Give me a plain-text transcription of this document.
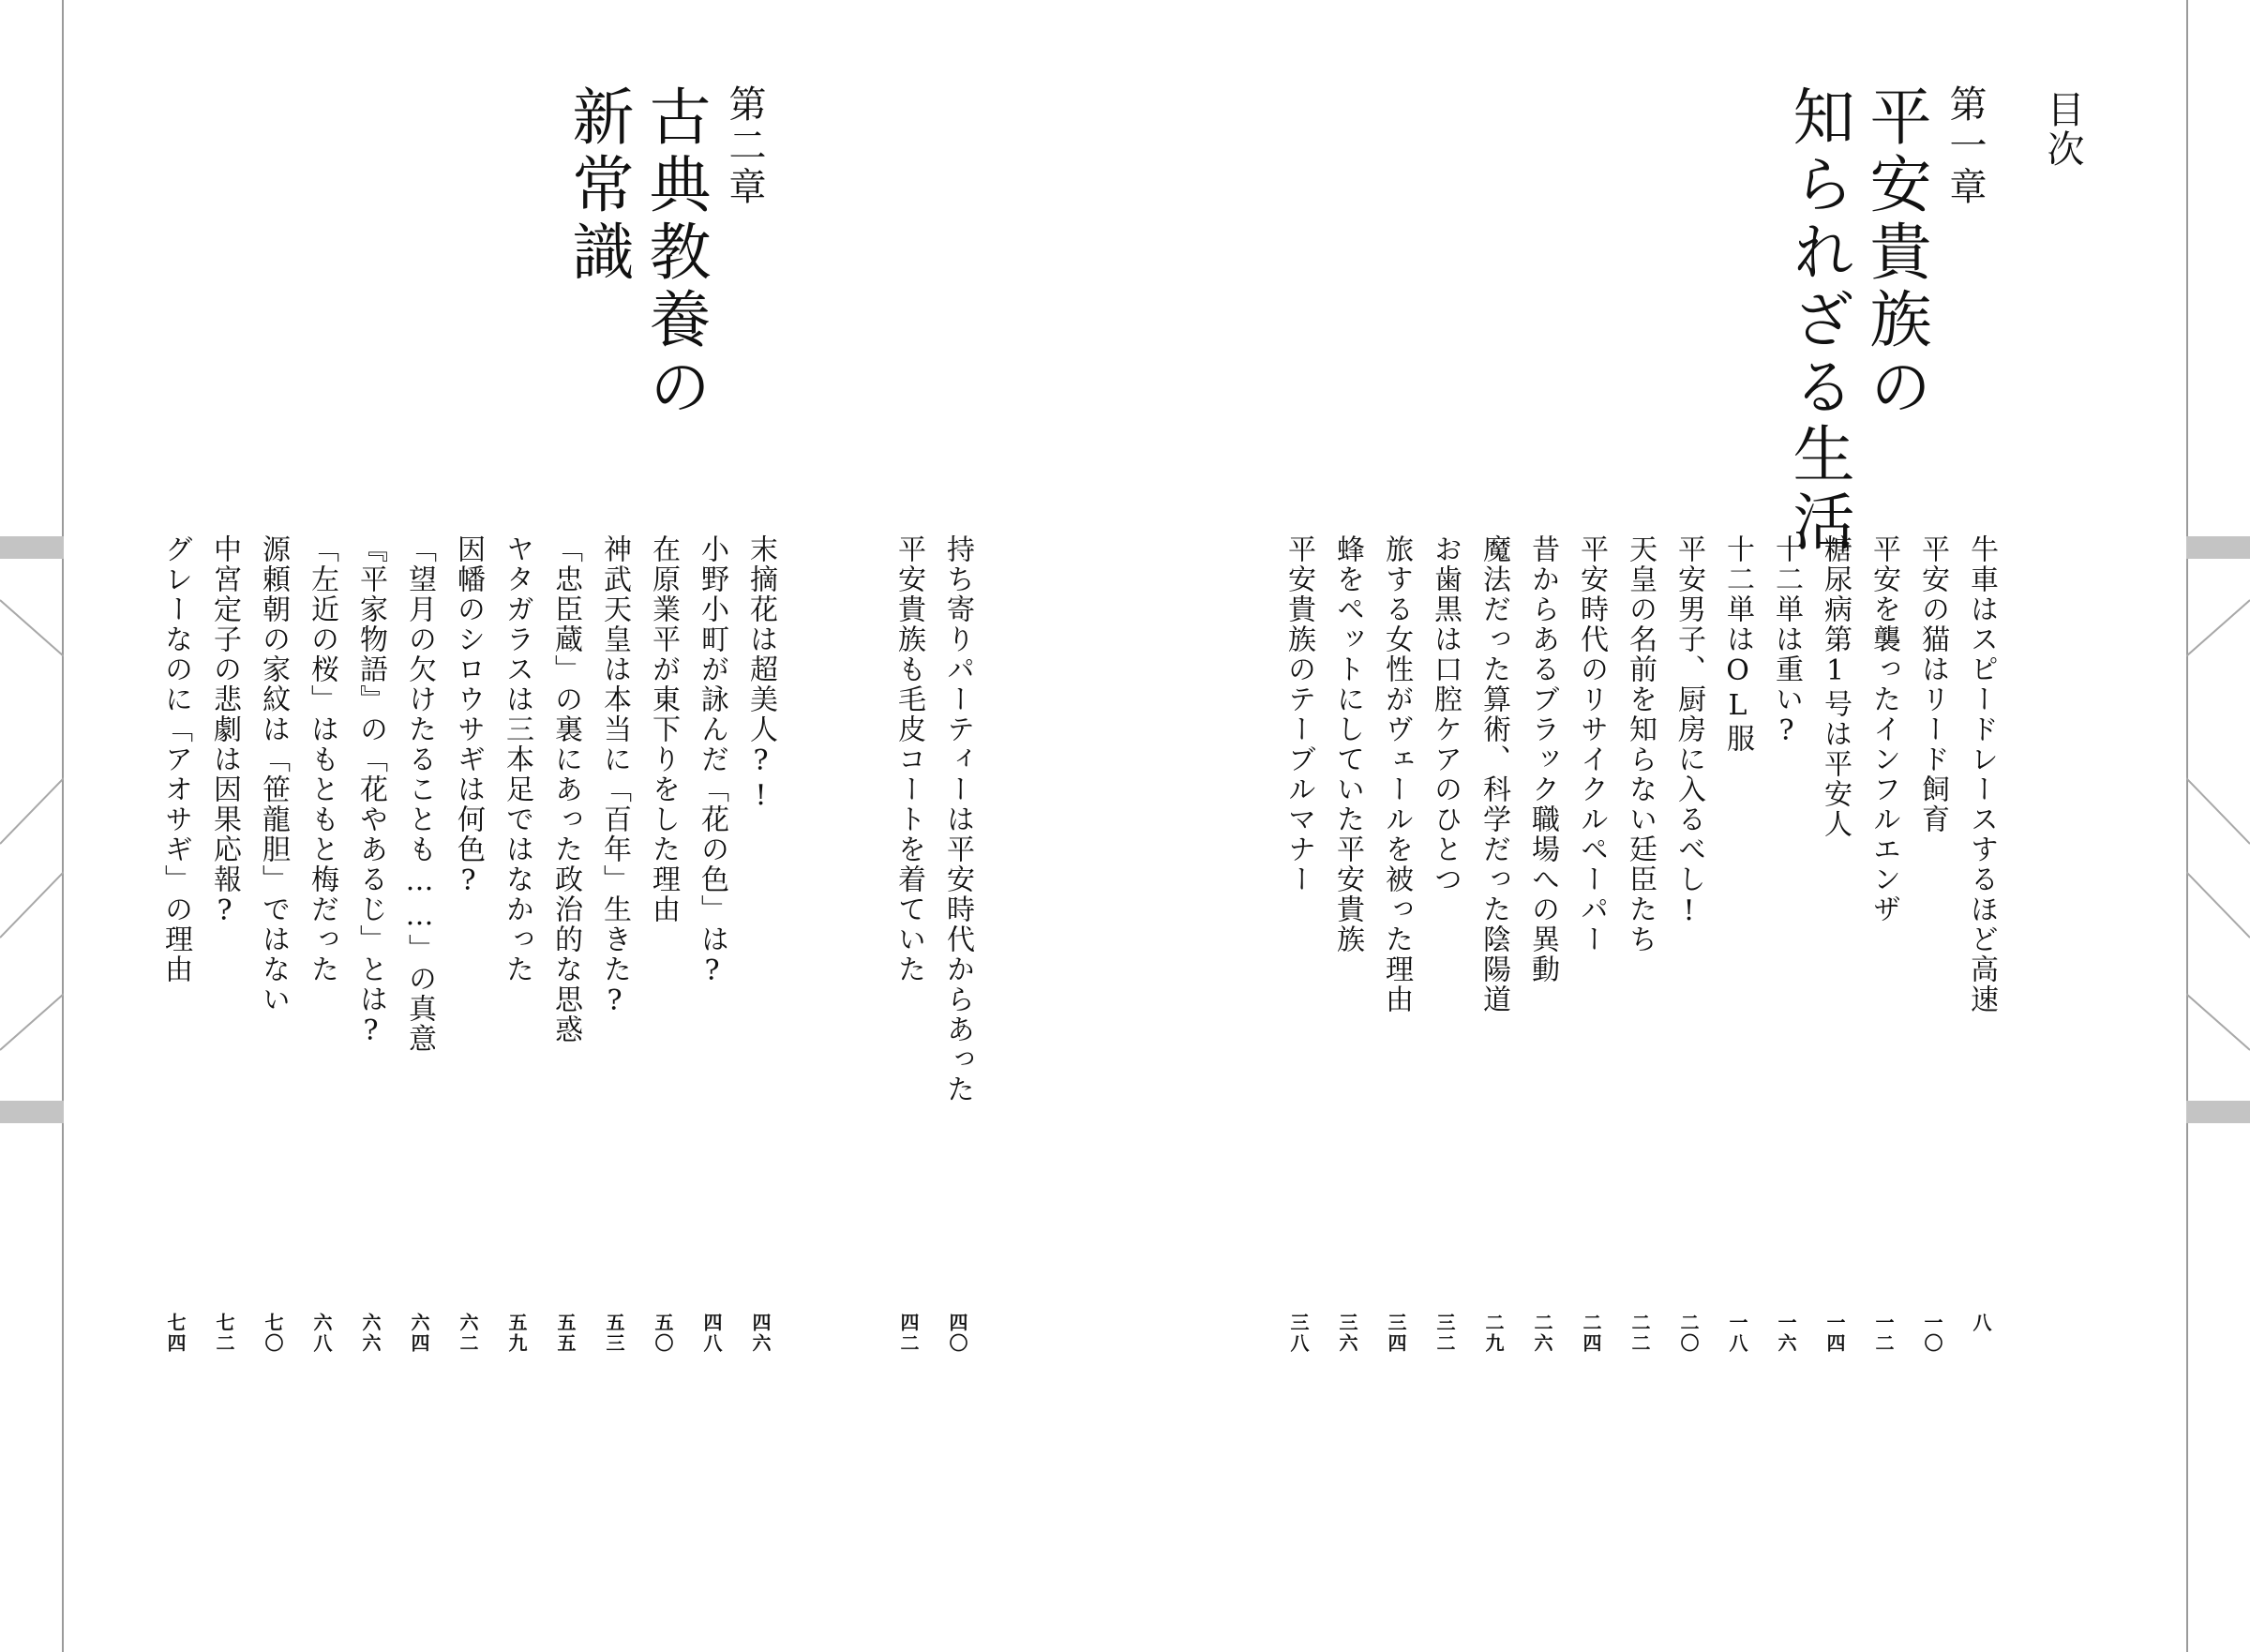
目次
第一章
平安貴族の
知られざる生活
第二章
古典教養の
新常識
牛車はスピードレースするほど高速
八
平安の猫はリード飼育
一〇
平安を襲ったインフルエンザ
一二
糖尿病第1号は平安人
一四
十二単は重い?
一六
十二単はOL服
一八
平安男子、厨房に入るべし!
二〇
天皇の名前を知らない廷臣たち
二二
平安時代のリサイクルペーパー
二四
昔からあるブラック職場への異動
二六
魔法だった算術、科学だった陰陽道
二九
お歯黒は口腔ケアのひとつ
三二
旅する女性がヴェールを被った理由
三四
蜂をペットにしていた平安貴族
三六
平安貴族のテーブルマナー
三八
持ち寄りパーティーは平安時代からあった
四〇
平安貴族も毛皮コートを着ていた
四二
末摘花は超美人?!
四六
小野小町が詠んだ「花の色」は?
四八
在原業平が東下りをした理由
五〇
神武天皇は本当に「百年」生きた?
五三
「忠臣蔵」の裏にあった政治的な思惑
五五
ヤタガラスは三本足ではなかった
五九
因幡のシロウサギは何色?
六二
「望月の欠けたることも……」の真意
六四
『平家物語』の「花やあるじ」とは?
六六
「左近の桜」はもともと梅だった
六八
源頼朝の家紋は「笹龍胆」ではない
七〇
中宮定子の悲劇は因果応報?
七二
グレーなのに「アオサギ」の理由
七四
